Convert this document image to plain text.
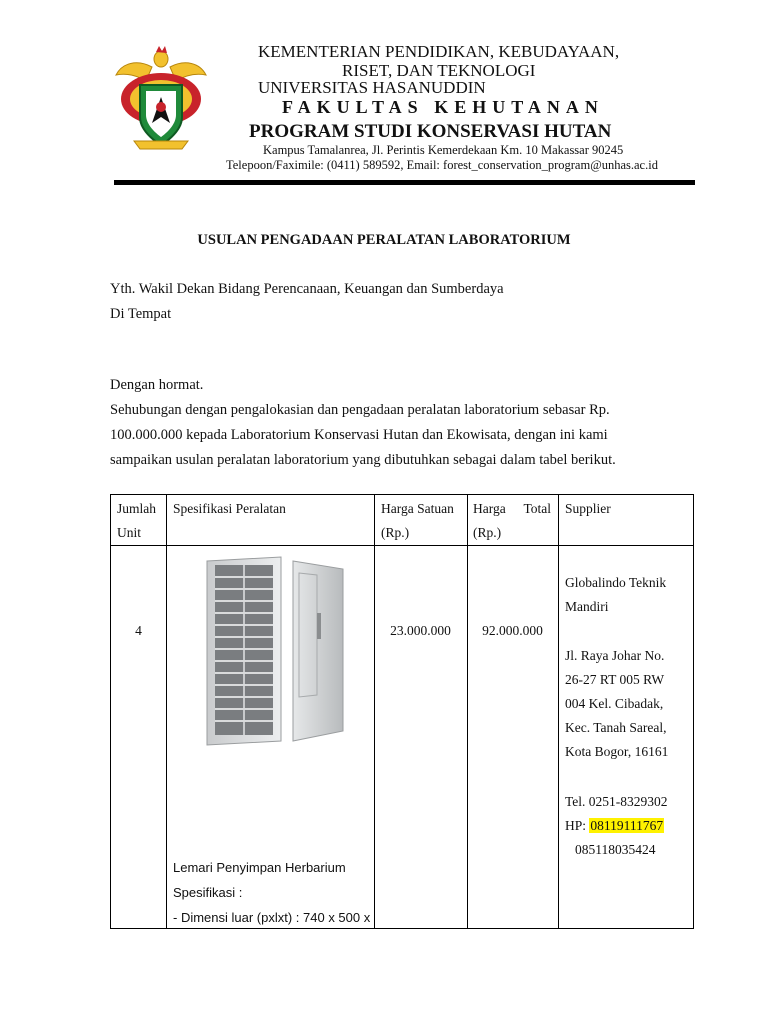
KEMENTERIAN PENDIDIKAN, KEBUDAYAAN,
RISET, DAN TEKNOLOGI
UNIVERSITAS HASANUDDIN
FAKULTAS KEHUTANAN
PROGRAM STUDI KONSERVASI HUTAN
Kampus Tamalanrea, Jl. Perintis Kemerdekaan Km. 10 Makassar 90245
Telepoon/Faximile: (0411) 589592, Email: forest_conservation_program@unhas.ac.id
USULAN PENGADAAN PERALATAN LABORATORIUM
Yth. Wakil Dekan Bidang Perencanaan, Keuangan dan Sumberdaya
Di Tempat
Dengan hormat.
Sehubungan dengan pengalokasian dan pengadaan peralatan laboratorium sebasar Rp.
100.000.000 kepada Laboratorium Konservasi Hutan dan Ekowisata, dengan ini kami
sampaikan usulan peralatan laboratorium yang dibutuhkan sebagai dalam tabel berikut.
Jumlah
Unit
Spesifikasi Peralatan	Harga Satuan
(Rp.)
Harga Total
(Rp.)
Supplier
4
Lemari Penyimpan Herbarium
Spesifikasi :
- Dimensi luar (pxlxt) : 740 x 500 x
23.000.000	92.000.000
Globalindo Teknik
Mandiri
Jl. Raya Johar No.
26-27 RT 005 RW
004 Kel. Cibadak,
Kec. Tanah Sareal,
Kota Bogor, 16161
Tel. 0251-8329302
HP: 08119111767
085118035424
